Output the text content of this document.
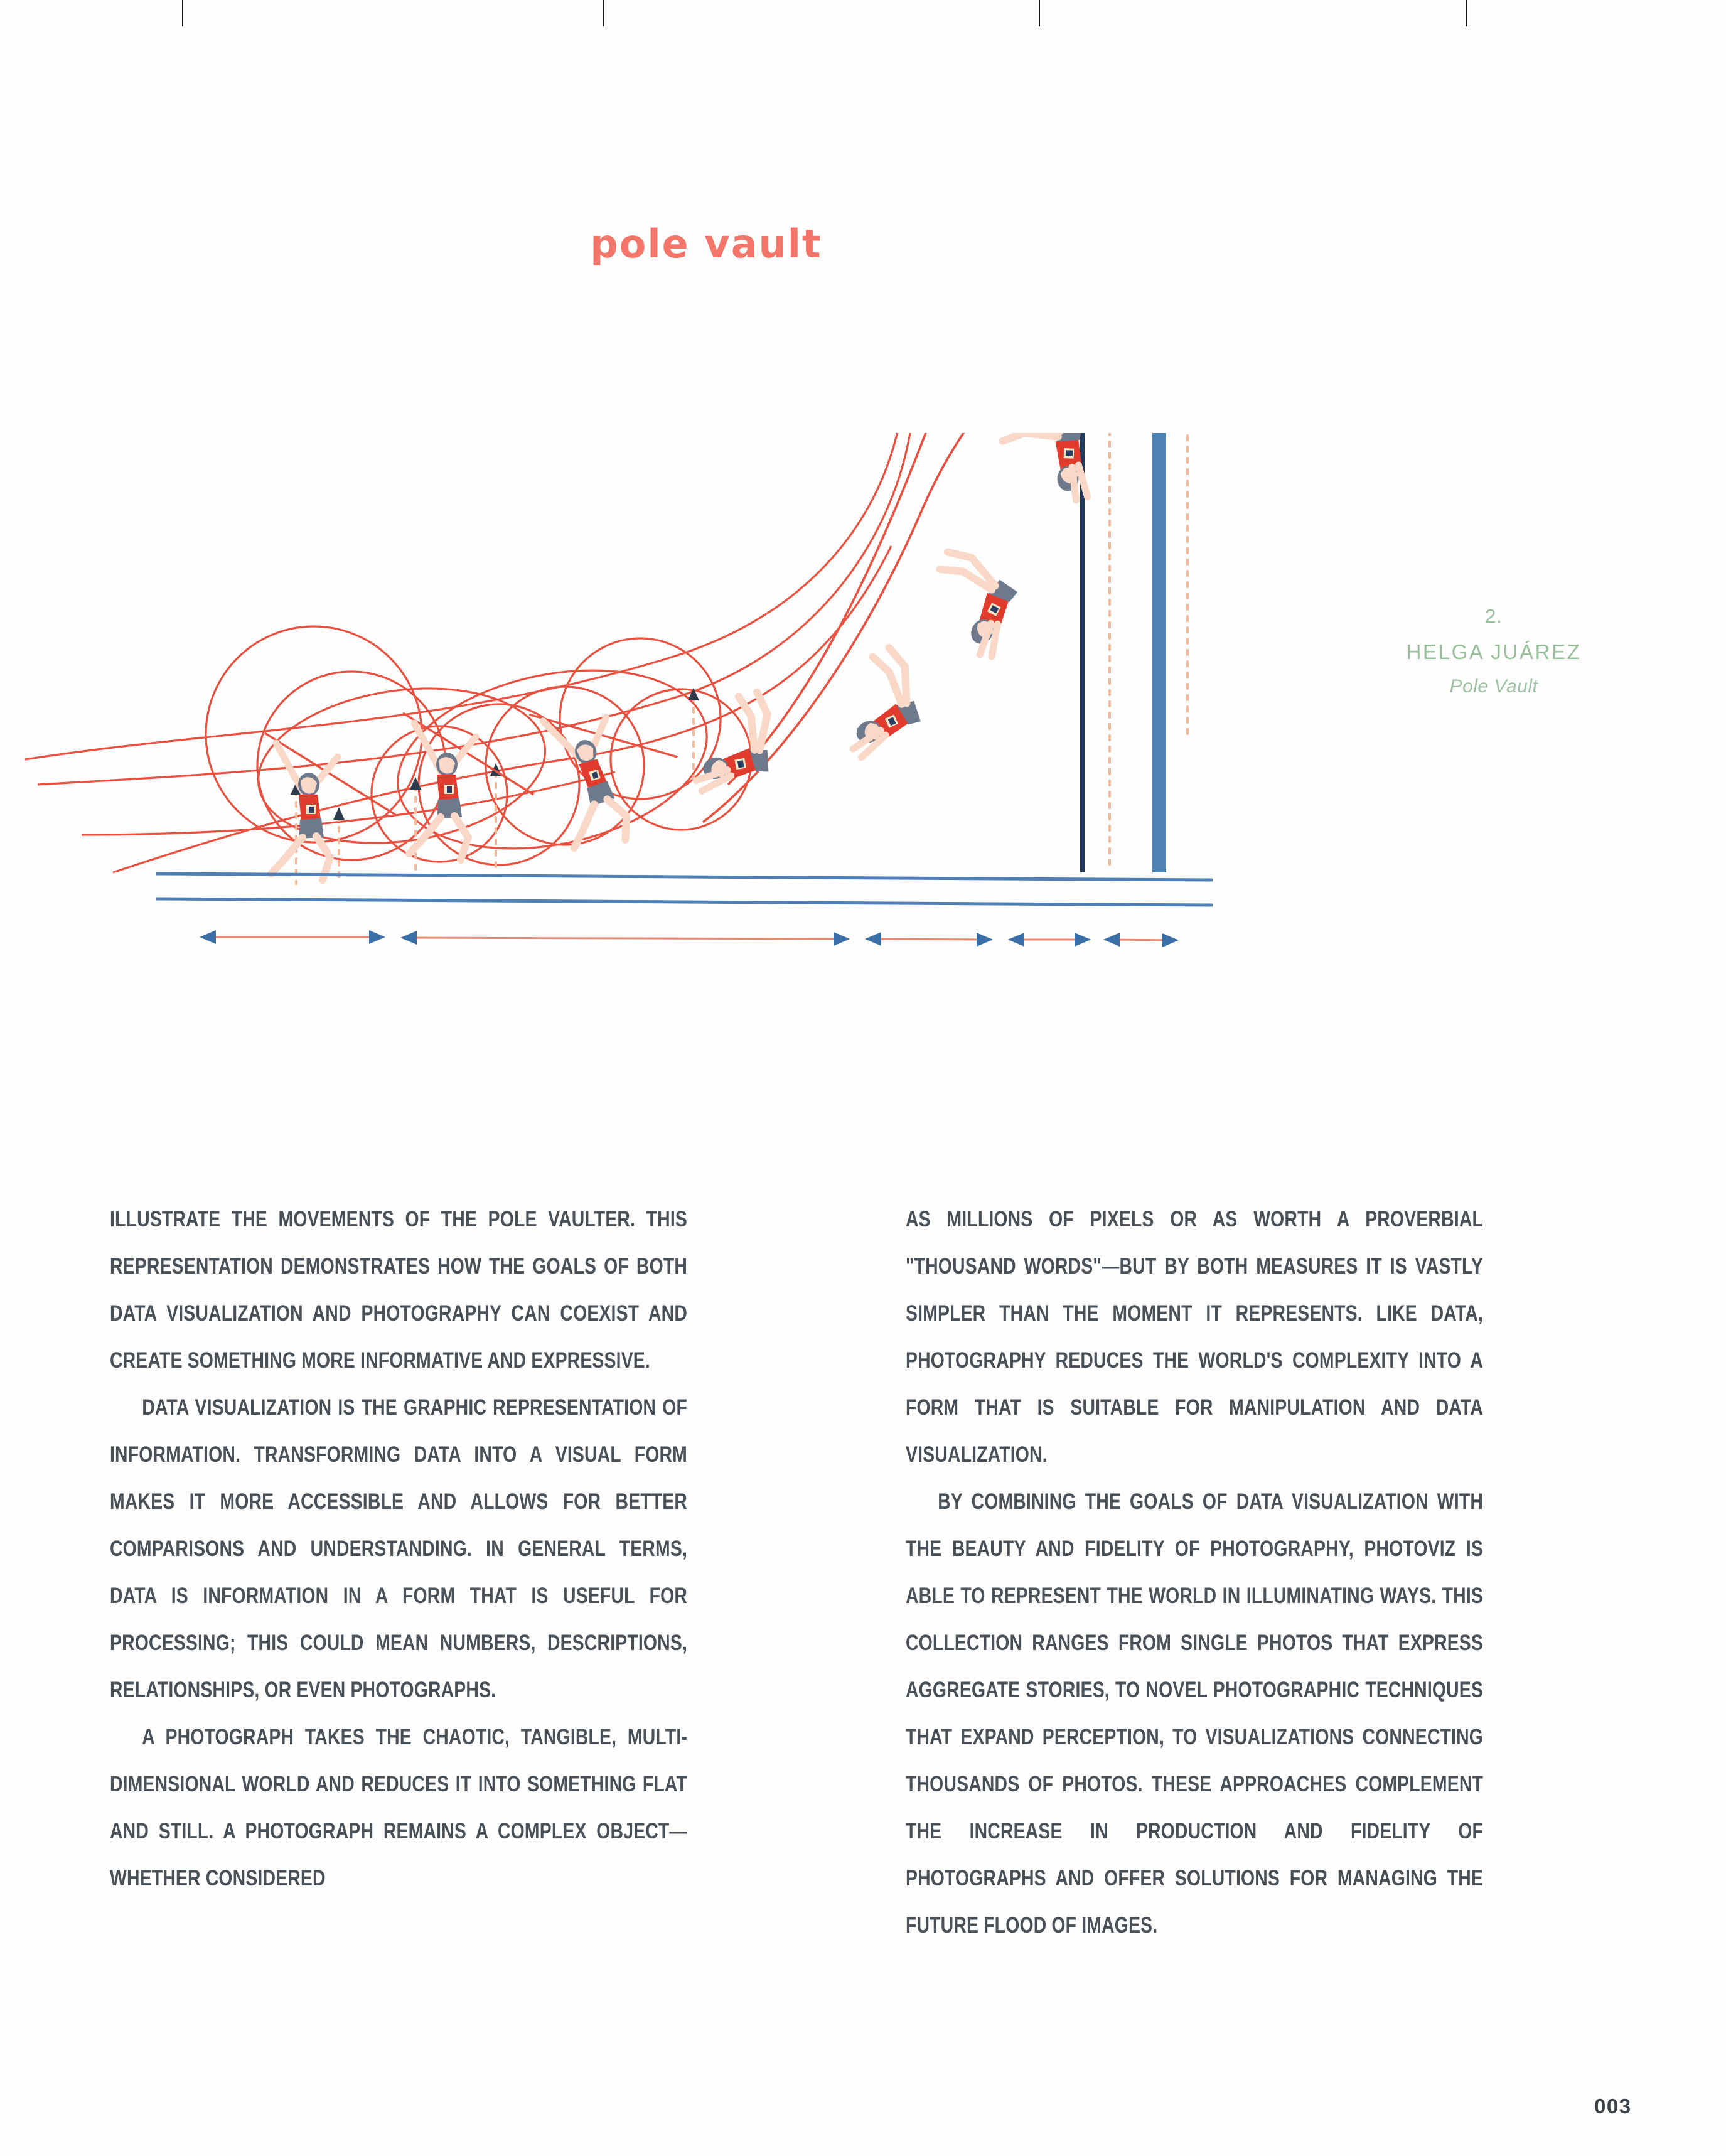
pole vault
2.
HELGA JUÁREZ
Pole Vault

ILLUSTRATE THE MOVEMENTS OF THE POLE VAULTER. THIS REPRESENTATION DEMONSTRATES HOW THE GOALS OF BOTH DATA VISUALIZATION AND PHOTOGRAPHY CAN COEXIST AND CREATE SOMETHING MORE INFORMATIVE AND EXPRESSIVE.

DATA VISUALIZATION IS THE GRAPHIC REPRESENTATION OF INFORMATION. TRANSFORMING DATA INTO A VISUAL FORM MAKES IT MORE ACCESSIBLE AND ALLOWS FOR BETTER COMPARISONS AND UNDERSTANDING. IN GENERAL TERMS, DATA IS INFORMATION IN A FORM THAT IS USEFUL FOR PROCESSING; THIS COULD MEAN NUMBERS, DESCRIPTIONS, RELATIONSHIPS, OR EVEN PHOTOGRAPHS.

A PHOTOGRAPH TAKES THE CHAOTIC, TANGIBLE, MULTI-DIMENSIONAL WORLD AND REDUCES IT INTO SOMETHING FLAT AND STILL. A PHOTOGRAPH REMAINS A COMPLEX OBJECT—WHETHER CONSIDERED

AS MILLIONS OF PIXELS OR AS WORTH A PROVERBIAL "THOUSAND WORDS"—BUT BY BOTH MEASURES IT IS VASTLY SIMPLER THAN THE MOMENT IT REPRESENTS. LIKE DATA, PHOTOGRAPHY REDUCES THE WORLD'S COMPLEXITY INTO A FORM THAT IS SUITABLE FOR MANIPULATION AND DATA VISUALIZATION.

BY COMBINING THE GOALS OF DATA VISUALIZATION WITH THE BEAUTY AND FIDELITY OF PHOTOGRAPHY, PHOTOVIZ IS ABLE TO REPRESENT THE WORLD IN ILLUMINATING WAYS. THIS COLLECTION RANGES FROM SINGLE PHOTOS THAT EXPRESS AGGREGATE STORIES, TO NOVEL PHOTOGRAPHIC TECHNIQUES THAT EXPAND PERCEPTION, TO VISUALIZATIONS CONNECTING THOUSANDS OF PHOTOS. THESE APPROACHES COMPLEMENT THE INCREASE IN PRODUCTION AND FIDELITY OF PHOTOGRAPHS AND OFFER SOLUTIONS FOR MANAGING THE FUTURE FLOOD OF IMAGES.

003
